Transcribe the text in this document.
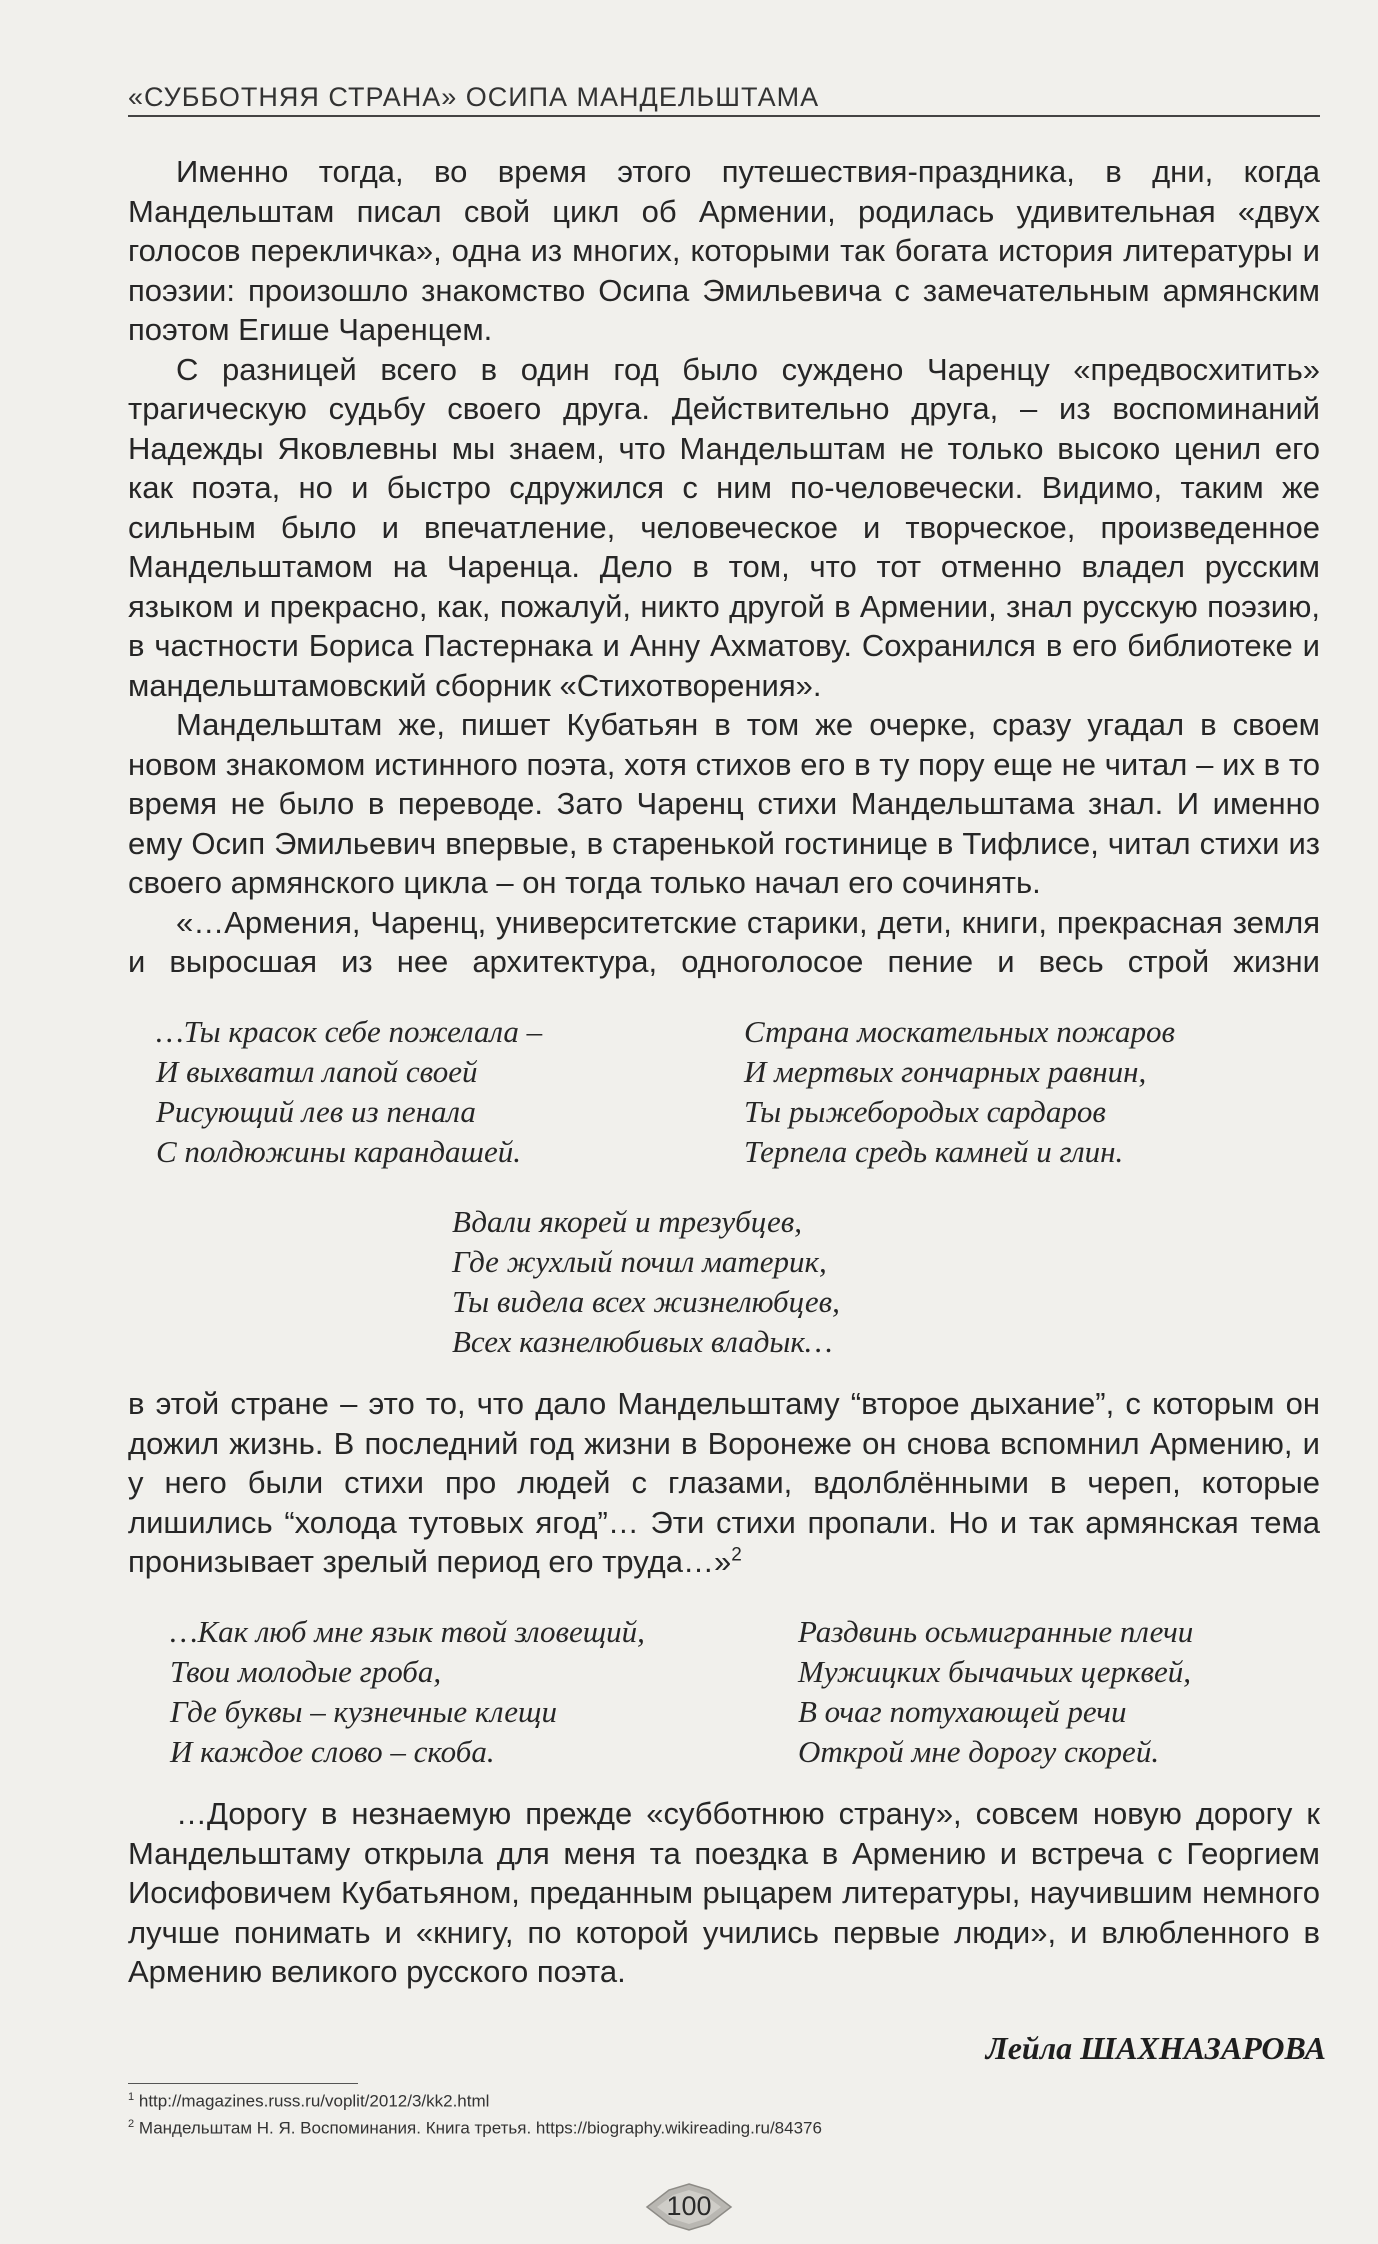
«СУББОТНЯЯ СТРАНА» ОСИПА МАНДЕЛЬШТАМА

Именно тогда, во время этого путешествия-праздника, в дни, когда Мандельштам писал свой цикл об Армении, родилась удивительная «двух голосов перекличка», одна из многих, которыми так богата история литературы и поэзии: произошло знакомство Осипа Эмильевича с замечательным армянским поэтом Егише Чаренцем.

С разницей всего в один год было суждено Чаренцу «предвосхитить» трагическую судьбу своего друга. Действительно друга, – из воспоминаний Надежды Яковлевны мы знаем, что Мандельштам не только высоко ценил его как поэта, но и быстро сдружился с ним по-человечески. Видимо, таким же сильным было и впечатление, человеческое и творческое, произведенное Мандельштамом на Чаренца. Дело в том, что тот отменно владел русским языком и прекрасно, как, пожалуй, никто другой в Армении, знал русскую поэзию, в частности Бориса Пастернака и Анну Ахматову. Сохранился в его библиотеке и мандельштамовский сборник «Стихотворения».

Мандельштам же, пишет Кубатьян в том же очерке, сразу угадал в своем новом знакомом истинного поэта, хотя стихов его в ту пору еще не читал – их в то время не было в переводе. Зато Чаренц стихи Мандельштама знал. И именно ему Осип Эмильевич впервые, в старенькой гостинице в Тифлисе, читал стихи из своего армянского цикла – он тогда только начал его сочинять.

«…Армения, Чаренц, университетские старики, дети, книги, прекрасная земля и выросшая из нее архитектура, одноголосое пение и весь строй жизни

…Ты красок себе пожелала –
И выхватил лапой своей
Рисующий лев из пенала
С полдюжины карандашей.
Страна москательных пожаров
И мертвых гончарных равнин,
Ты рыжебородых сардаров
Терпела средь камней и глин.
Вдали якорей и трезубцев,
Где жухлый почил материк,
Ты видела всех жизнелюбцев,
Всех казнелюбивых владык…

в этой стране – это то, что дало Мандельштаму “второе дыхание”, с которым он дожил жизнь. В последний год жизни в Воронеже он снова вспомнил Армению, и у него были стихи про людей с глазами, вдолблёнными в череп, которые лишились “холода тутовых ягод”… Эти стихи пропали. Но и так армянская тема пронизывает зрелый период его труда…»$^2$

…Как люб мне язык твой зловещий,
Твои молодые гроба,
Где буквы – кузнечные клещи
И каждое слово – скоба.
Раздвинь осьмигранные плечи
Мужицких бычачьих церквей,
В очаг потухающей речи
Открой мне дорогу скорей.

…Дорогу в незнаемую прежде «субботнюю страну», совсем новую дорогу к Мандельштаму открыла для меня та поездка в Армению и встреча с Георгием Иосифовичем Кубатьяном, преданным рыцарем литературы, научившим немного лучше понимать и «книгу, по которой учились первые люди», и влюбленного в Армению великого русского поэта.

Лейла ШАХНАЗАРОВА
$^1$ http://magazines.russ.ru/voplit/2012/3/kk2.html
$^2$ Мандельштам Н. Я. Воспоминания. Книга третья. https://biography.wikireading.ru/84376
100
